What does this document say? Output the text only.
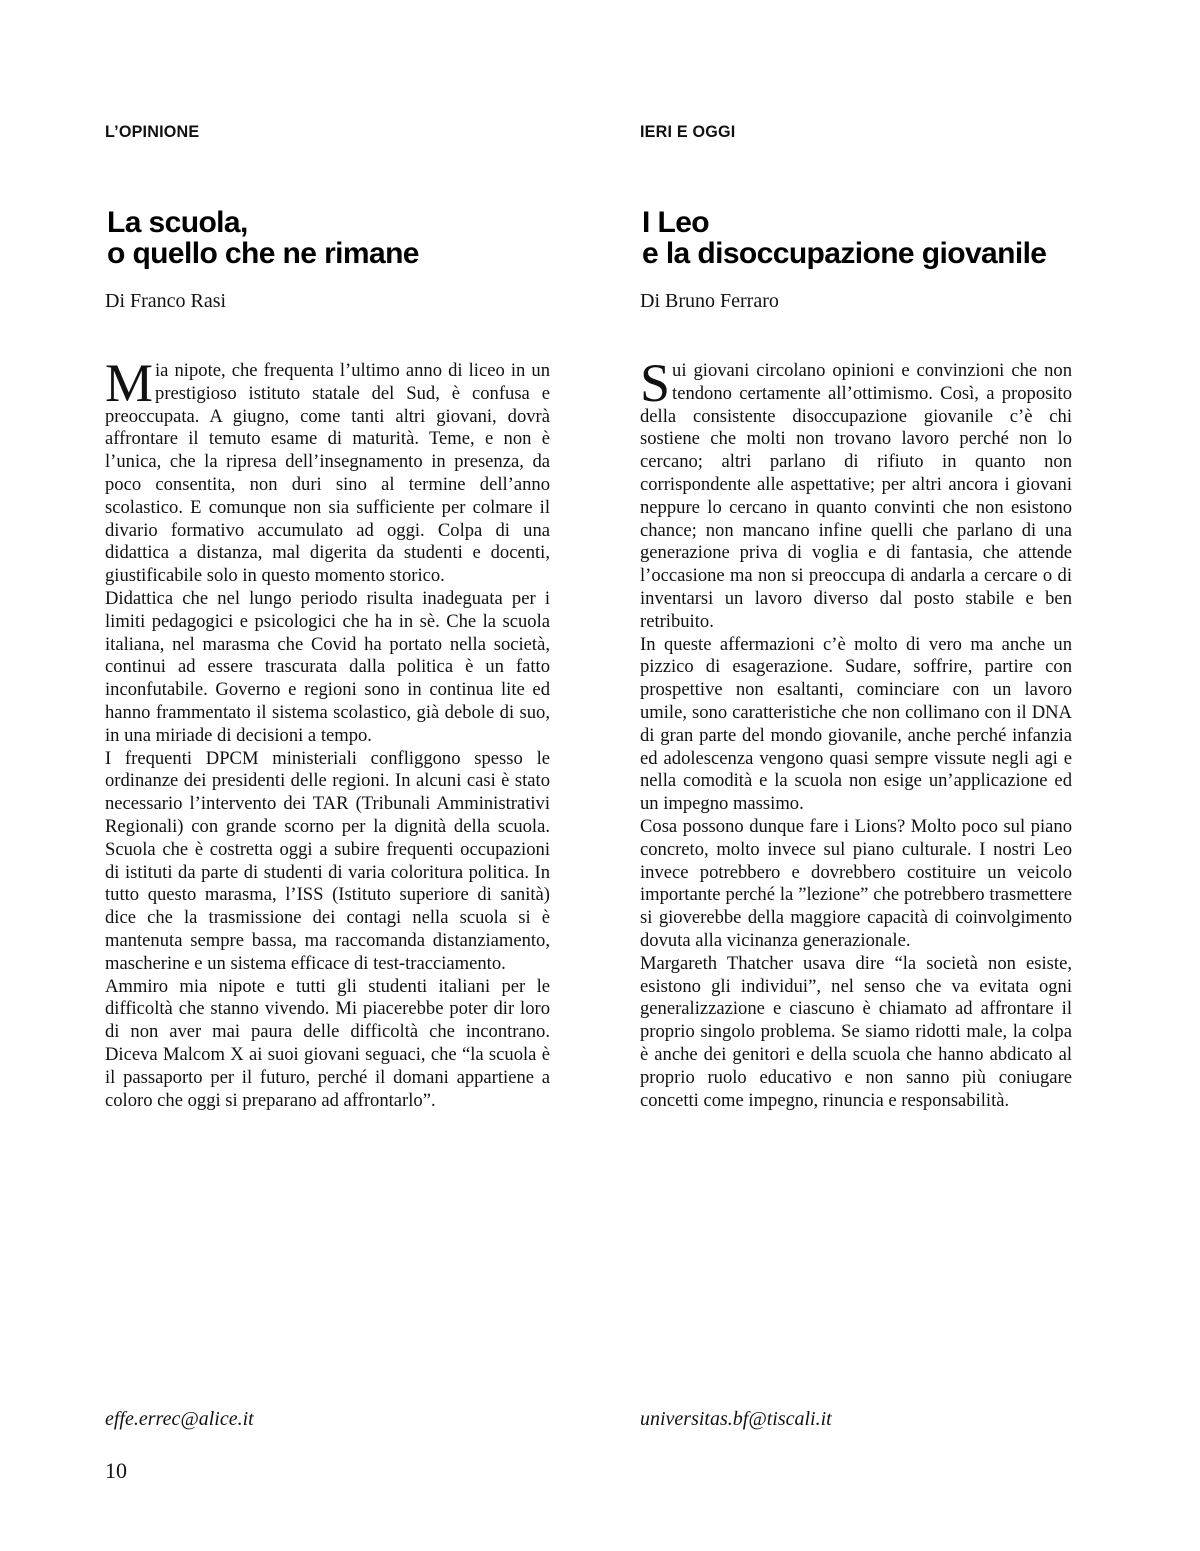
L’OPINIONE
La scuola,
o quello che ne rimane

Di Franco Rasi

Mia nipote, che frequenta l’ultimo anno di liceo in un prestigioso istituto statale del Sud, è confusa e preoccupata. A giugno, come tanti altri giovani, dovrà affrontare il temuto esame di maturità. Teme, e non è l’unica, che la ripresa dell’insegnamento in presenza, da poco consentita, non duri sino al termine dell’anno scolastico. E comunque non sia sufficiente per colmare il divario formativo accumulato ad oggi. Colpa di una didattica a distanza, mal digerita da studenti e docenti, giustificabile solo in questo momento storico.

Didattica che nel lungo periodo risulta inadeguata per i limiti pedagogici e psicologici che ha in sè. Che la scuola italiana, nel marasma che Covid ha portato nella società, continui ad essere trascurata dalla politica è un fatto inconfutabile. Governo e regioni sono in continua lite ed hanno frammentato il sistema scolastico, già debole di suo, in una miriade di decisioni a tempo.

I frequenti DPCM ministeriali confliggono spesso le ordinanze dei presidenti delle regioni. In alcuni casi è stato necessario l’intervento dei TAR (Tribunali Amministrativi Regionali) con grande scorno per la dignità della scuola. Scuola che è costretta oggi a subire frequenti occupazioni di istituti da parte di studenti di varia coloritura politica. In tutto questo marasma, l’ISS (Istituto superiore di sanità) dice che la trasmissione dei contagi nella scuola si è mantenuta sempre bassa, ma raccomanda distanziamento, mascherine e un sistema efficace di test-tracciamento.

Ammiro mia nipote e tutti gli studenti italiani per le difficoltà che stanno vivendo. Mi piacerebbe poter dir loro di non aver mai paura delle difficoltà che incontrano. Diceva Malcom X ai suoi giovani seguaci, che “la scuola è il passaporto per il futuro, perché il domani appartiene a coloro che oggi si preparano ad affrontarlo”.

effe.errec@alice.it

IERI E OGGI
I Leo
e la disoccupazione giovanile

Di Bruno Ferraro

Sui giovani circolano opinioni e convinzioni che non tendono certamente all’ottimismo. Così, a proposito della consistente disoccupazione giovanile c’è chi sostiene che molti non trovano lavoro perché non lo cercano; altri parlano di rifiuto in quanto non corrispondente alle aspettative; per altri ancora i giovani neppure lo cercano in quanto convinti che non esistono chance; non mancano infine quelli che parlano di una generazione priva di voglia e di fantasia, che attende l’occasione ma non si preoccupa di andarla a cercare o di inventarsi un lavoro diverso dal posto stabile e ben retribuito.

In queste affermazioni c’è molto di vero ma anche un pizzico di esagerazione. Sudare, soffrire, partire con prospettive non esaltanti, cominciare con un lavoro umile, sono caratteristiche che non collimano con il DNA di gran parte del mondo giovanile, anche perché infanzia ed adolescenza vengono quasi sempre vissute negli agi e nella comodità e la scuola non esige un’applicazione ed un impegno massimo.

Cosa possono dunque fare i Lions? Molto poco sul piano concreto, molto invece sul piano culturale. I nostri Leo invece potrebbero e dovrebbero costituire un veicolo importante perché la ”lezione” che potrebbero trasmettere si gioverebbe della maggiore capacità di coinvolgimento dovuta alla vicinanza generazionale.

Margareth Thatcher usava dire “la società non esiste, esistono gli individui”, nel senso che va evitata ogni generalizzazione e ciascuno è chiamato ad affrontare il proprio singolo problema. Se siamo ridotti male, la colpa è anche dei genitori e della scuola che hanno abdicato al proprio ruolo educativo e non sanno più coniugare concetti come impegno, rinuncia e responsabilità.

universitas.bf@tiscali.it

10
